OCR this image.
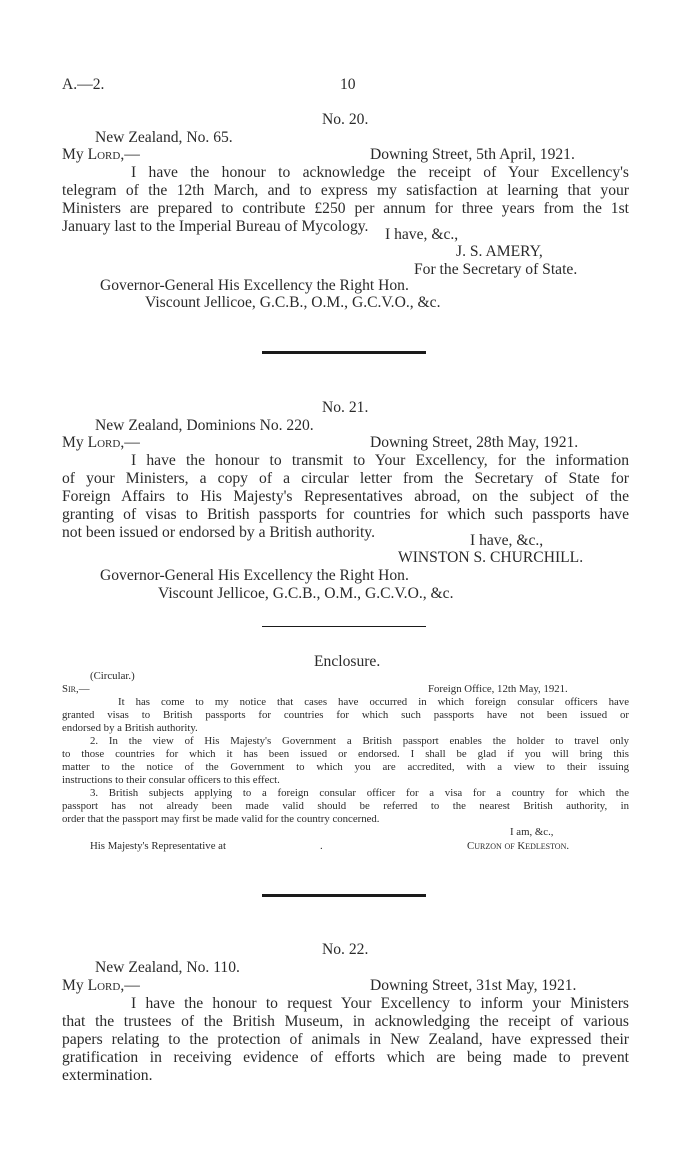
A.—2.	10
No. 20.
New Zealand, No. 65.
My Lord,—	Downing Street, 5th April, 1921.
I have the honour to acknowledge the receipt of Your Excellency's
telegram of the 12th March, and to express my satisfaction at learning that your
Ministers are prepared to contribute £250 per annum for three years from the 1st
January last to the Imperial Bureau of Mycology.	I have, &c.,
J. S. AMERY,
For the Secretary of State.
Governor-General His Excellency the Right Hon.
Viscount Jellicoe, G.C.B., O.M., G.C.V.O., &c.
No. 21.
New Zealand, Dominions No. 220.
My Lord,—	Downing Street, 28th May, 1921.
I have the honour to transmit to Your Excellency, for the information
of your Ministers, a copy of a circular letter from the Secretary of State for
Foreign Affairs to His Majesty's Representatives abroad, on the subject of the
granting of visas to British passports for countries for which such passports have
not been issued or endorsed by a British authority.	I have, &c.,
WINSTON S. CHURCHILL.
Governor-General His Excellency the Right Hon.
Viscount Jellicoe, G.C.B., O.M., G.C.V.O., &c.
Enclosure.
(Circular.)
Sir,—	Foreign Office, 12th May, 1921.
It has come to my notice that cases have occurred in which foreign consular officers have
granted visas to British passports for countries for which such passports have not been issued or
endorsed by a British authority.
2. In the view of His Majesty's Government a British passport enables the holder to travel only
to those countries for which it has been issued or endorsed. I shall be glad if you will bring this
matter to the notice of the Government to which you are accredited, with a view to their issuing
instructions to their consular officers to this effect.
3. British subjects applying to a foreign consular officer for a visa for a country for which the
passport has not already been made valid should be referred to the nearest British authority, in
order that the passport may first be made valid for the country concerned.
I am, &c.,
His Majesty's Representative at	.	Curzon of Kedleston.
No. 22.
New Zealand, No. 110.
My Lord,—	Downing Street, 31st May, 1921.
I have the honour to request Your Excellency to inform your Ministers
that the trustees of the British Museum, in acknowledging the receipt of various
papers relating to the protection of animals in New Zealand, have expressed their
gratification in receiving evidence of efforts which are being made to prevent
extermination.
